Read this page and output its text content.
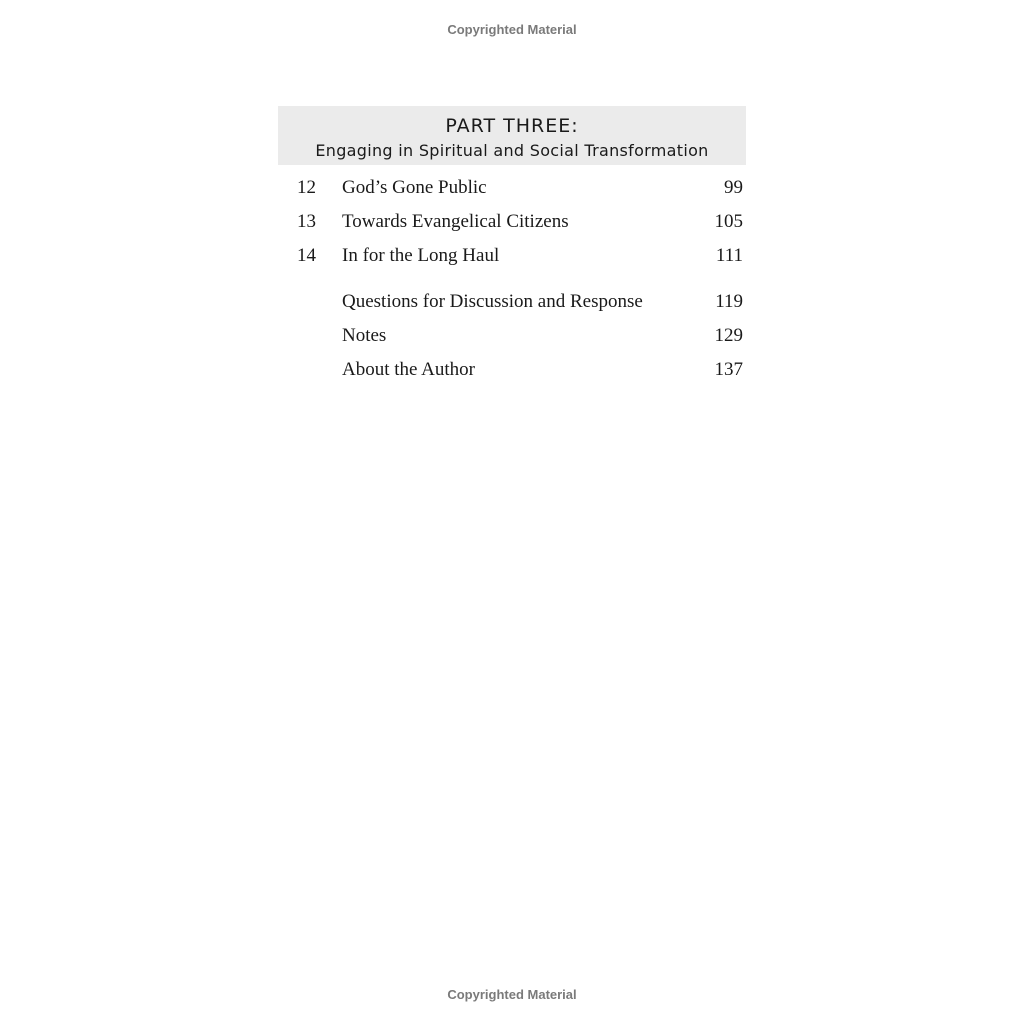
Copyrighted Material
PART THREE:
Engaging in Spiritual and Social Transformation
12 God’s Gone Public	99
13 Towards Evangelical Citizens	105
14 In for the Long Haul	111
Questions for Discussion and Response	119
Notes	129
About the Author	137
Copyrighted Material
